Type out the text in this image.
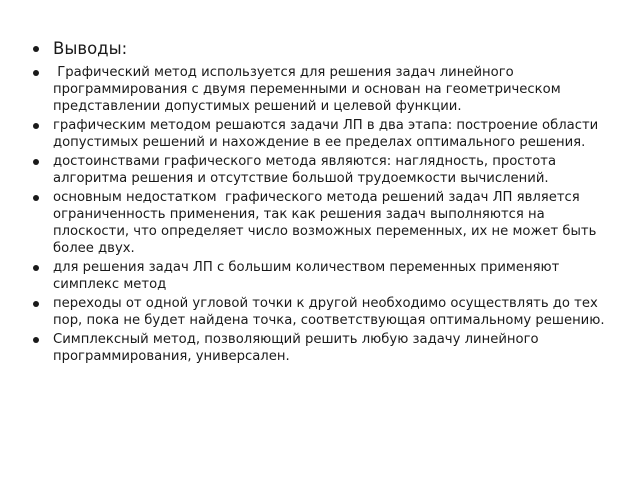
Выводы:
Графический метод используется для решения задач линейного программирования с двумя переменными и основан на геометрическом представлении допустимых решений и целевой функции.
графическим методом решаются задачи ЛП в два этапа: построение области допустимых решений и нахождение в ее пределах оптимального решения.
достоинствами графического метода являются: наглядность, простота алгоритма решения и отсутствие большой трудоемкости вычислений.
основным недостатком  графического метода решений задач ЛП является ограниченность применения, так как решения задач выполняются на плоскости, что определяет число возможных переменных, их не может быть более двух.
для решения задач ЛП с большим количеством переменных применяют симплекс метод
переходы от одной угловой точки к другой необходимо осуществлять до тех пор, пока не будет найдена точка, соответствующая оптимальному решению.
Симплексный метод, позволяющий решить любую задачу линейного программирования, универсален.
